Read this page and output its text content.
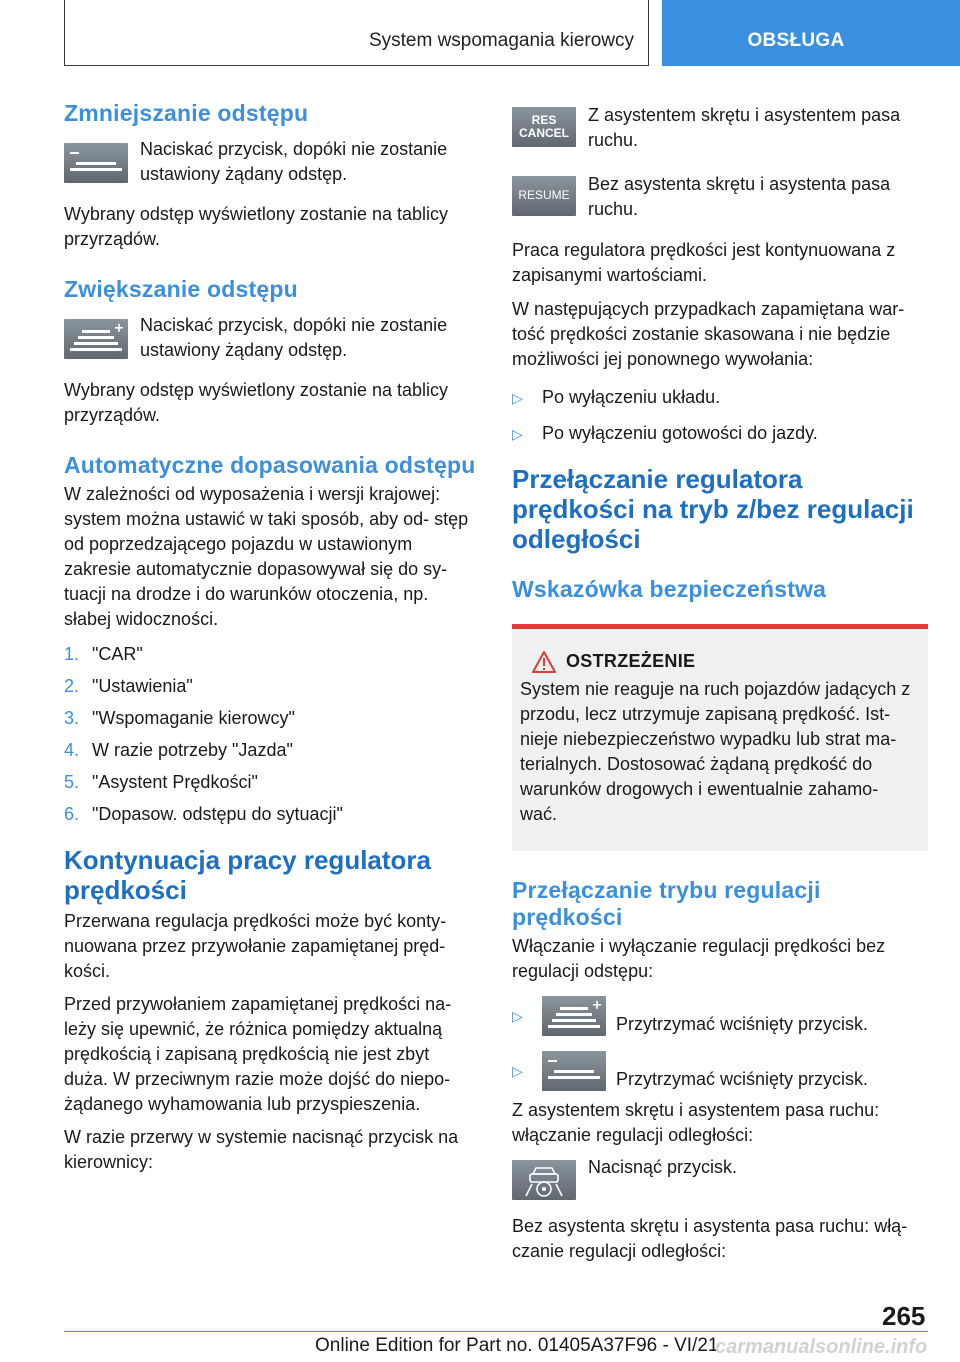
System wspomagania kierowcy	OBSŁUGA
Zmniejszanie odstępu
Naciskać przycisk, dopóki nie zostanie ustawiony żądany odstęp.

Wybrany odstęp wyświetlony zostanie na tablicy przyrządów.

Zwiększanie odstępu
Naciskać przycisk, dopóki nie zostanie ustawiony żądany odstęp.

Wybrany odstęp wyświetlony zostanie na tablicy przyrządów.

Automatyczne dopasowania odstępu

W zależności od wyposażenia i wersji krajowej: system można ustawić w taki sposób, aby od- stęp od poprzedzającego pojazdu w ustawionym zakresie automatycznie dopasowywał się do sy- tuacji na drodze i do warunków otoczenia, np. słabej widoczności.

1. "CAR"
2. "Ustawienia"
3. "Wspomaganie kierowcy"
4. W razie potrzeby "Jazda"
5. "Asystent Prędkości"
6. "Dopasow. odstępu do sytuacji"
Kontynuacja pracy regulatora prędkości

Przerwana regulacja prędkości może być konty- nuowana przez przywołanie zapamiętanej pręd- kości.

Przed przywołaniem zapamiętanej prędkości na- leży się upewnić, że różnica pomiędzy aktualną prędkością i zapisaną prędkością nie jest zbyt duża. W przeciwnym razie może dojść do niepo- żądanego wyhamowania lub przyspieszenia.

W razie przerwy w systemie nacisnąć przycisk na kierownicy:

RES
CANCEL
Z asystentem skrętu i asystentem pasa ruchu.
RESUME
Bez asystenta skrętu i asystenta pasa ruchu.

Praca regulatora prędkości jest kontynuowana z zapisanymi wartościami.

W następujących przypadkach zapamiętana war- tość prędkości zostanie skasowana i nie będzie możliwości jej ponownego wywołania:

▷	Po wyłączeniu układu.
▷	Po wyłączeniu gotowości do jazdy.
Przełączanie regulatora prędkości na tryb z/bez regulacji odległości
Wskazówka bezpieczeństwa
OSTRZEŻENIE

System nie reaguje na ruch pojazdów jadących z przodu, lecz utrzymuje zapisaną prędkość. Ist- nieje niebezpieczeństwo wypadku lub strat ma- terialnych. Dostosować żądaną prędkość do warunków drogowych i ewentualnie zahamo- wać.

Przełączanie trybu regulacji prędkości

Włączanie i wyłączanie regulacji prędkości bez regulacji odstępu:

▷	Przytrzymać wciśnięty przycisk.
▷	Przytrzymać wciśnięty przycisk.

Z asystentem skrętu i asystentem pasa ruchu: włączanie regulacji odległości:

Nacisnąć przycisk.

Bez asystenta skrętu i asystenta pasa ruchu: włą- czanie regulacji odległości:

265
Online Edition for Part no. 01405A37F96 - VI/21
carmanualsonline.info
